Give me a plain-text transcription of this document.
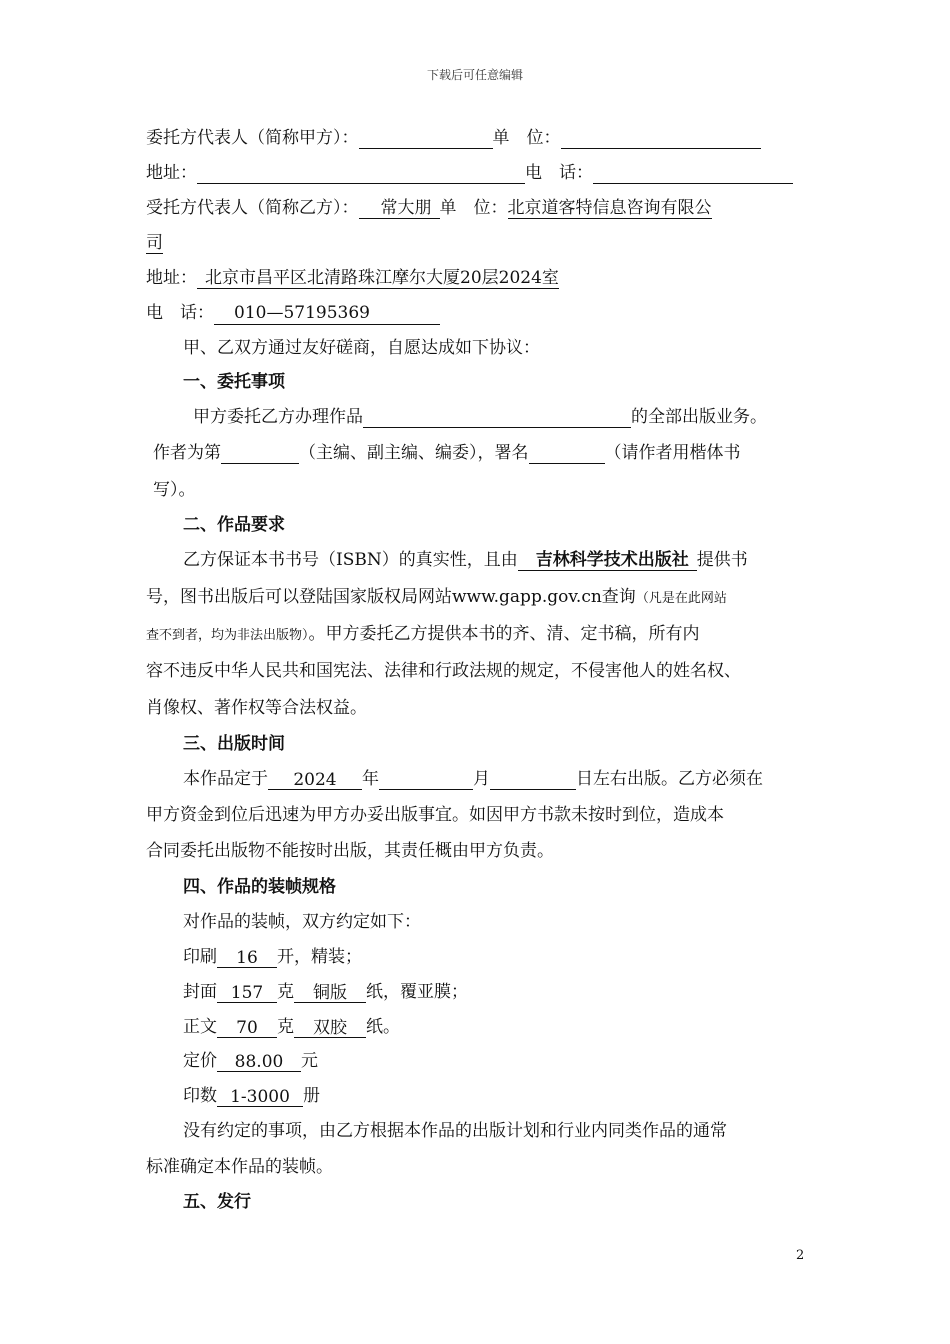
下载后可任意编辑
委托方代表人（简称甲方）：	单　位：
地址：	电　话：
受托方代表人（简称乙方）： 常大朋 单　位：北京道客特信息咨询有限公
司
地址： 北京市昌平区北清路珠江摩尔大厦20层2024室
电　话： 010—57195369
甲、乙双方通过友好磋商，自愿达成如下协议：
一、委托事项
甲方委托乙方办理作品	的全部出版业务。
作者为第	（主编、副主编、编委），署名	（请作者用楷体书
写）。
二、作品要求
乙方保证本书书号（ISBN）的真实性，且由 吉林科学技术出版社 提供书
号，图书出版后可以登陆国家版权局网站www.gapp.gov.cn查询（凡是在此网站
查不到者，均为非法出版物）。甲方委托乙方提供本书的齐、清、定书稿，所有内
容不违反中华人民共和国宪法、法律和行政法规的规定，不侵害他人的姓名权、
肖像权、著作权等合法权益。
三、出版时间
本作品定于 2024 年	月	日左右出版。乙方必须在
甲方资金到位后迅速为甲方办妥出版事宜。如因甲方书款未按时到位，造成本
合同委托出版物不能按时出版，其责任概由甲方负责。
四、作品的装帧规格
对作品的装帧，双方约定如下：
印刷 16 开，精装；
封面 157 克 铜版 纸，覆亚膜；
正文 70 克 双胶 纸。
定价 88.00 元
印数 1-3000 册
没有约定的事项，由乙方根据本作品的出版计划和行业内同类作品的通常
标准确定本作品的装帧。
五、发行
2
